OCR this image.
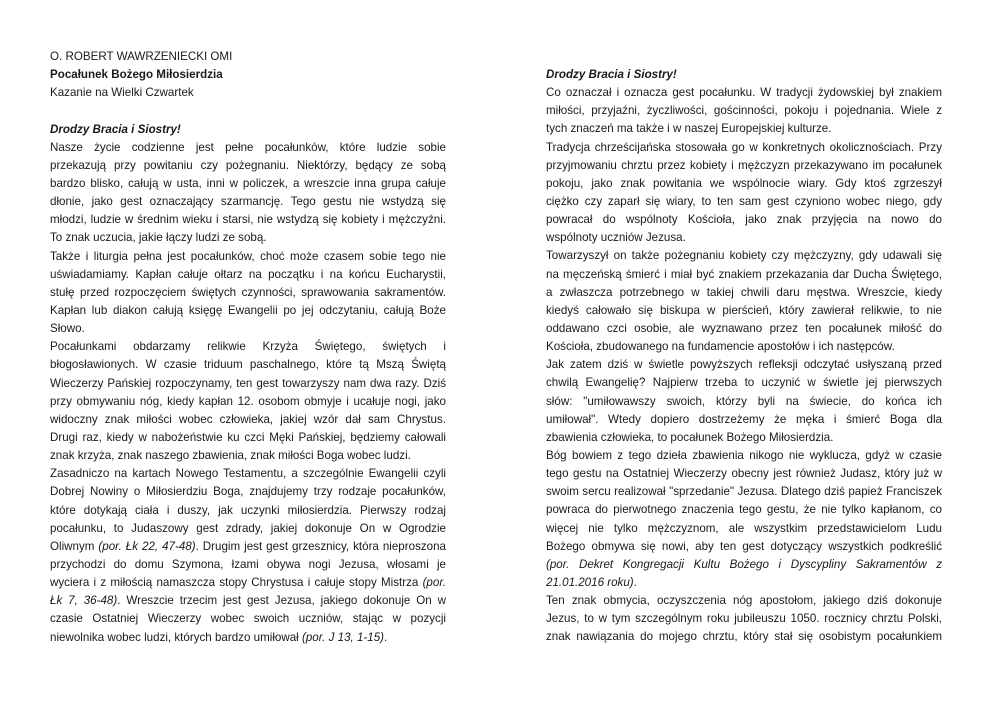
O. ROBERT WAWRZENIECKI OMI
Pocałunek Bożego Miłosierdzia
Kazanie na Wielki Czwartek
Drodzy Bracia i Siostry!
Nasze życie codzienne jest pełne pocałunków, które ludzie sobie
przekazują przy powitaniu czy pożegnaniu. Niektórzy, będący ze sobą
bardzo blisko, całują w usta, inni w policzek, a wreszcie inna grupa całuje
dłonie, jako gest oznaczający szarmancję. Tego gestu nie wstydzą się
młodzi, ludzie w średnim wieku i starsi, nie wstydzą się kobiety i mężczyźni.
To znak uczucia, jakie łączy ludzi ze sobą.
Także i liturgia pełna jest pocałunków, choć może czasem sobie tego nie
uświadamiamy. Kapłan całuje ołtarz na początku i na końcu Eucharystii,
stułę przed rozpoczęciem świętych czynności, sprawowania sakramentów.
Kapłan lub diakon całują księgę Ewangelii po jej odczytaniu, całują Boże
Słowo.
Pocałunkami obdarzamy relikwie Krzyża Świętego, świętych i
błogosławionych. W czasie triduum paschalnego, które tą Mszą Świętą
Wieczerzy Pańskiej rozpoczynamy, ten gest towarzyszy nam dwa razy. Dziś
przy obmywaniu nóg, kiedy kapłan 12. osobom obmyje i ucałuje nogi, jako
widoczny znak miłości wobec człowieka, jakiej wzór dał sam Chrystus.
Drugi raz, kiedy w nabożeństwie ku czci Męki Pańskiej, będziemy całowali
znak krzyża, znak naszego zbawienia, znak miłości Boga wobec ludzi.
Zasadniczo na kartach Nowego Testamentu, a szczególnie Ewangelii czyli
Dobrej Nowiny o Miłosierdziu Boga, znajdujemy trzy rodzaje pocałunków,
które dotykają ciała i duszy, jak uczynki miłosierdzia. Pierwszy rodzaj
pocałunku, to Judaszowy gest zdrady, jakiej dokonuje On w Ogrodzie
Oliwnym (por. Łk 22, 47-48). Drugim jest gest grzesznicy, która nieproszona
przychodzi do domu Szymona, łzami obywa nogi Jezusa, włosami je
wyciera i z miłością namaszcza stopy Chrystusa i całuje stopy Mistrza (por.
Łk 7, 36-48). Wreszcie trzecim jest gest Jezusa, jakiego dokonuje On w
czasie Ostatniej Wieczerzy wobec swoich uczniów, stając w pozycji
niewolnika wobec ludzi, których bardzo umiłował (por. J 13, 1-15).
Drodzy Bracia i Siostry!
Co oznaczał i oznacza gest pocałunku. W tradycji żydowskiej był znakiem
miłości, przyjaźni, życzliwości, gościnności, pokoju i pojednania. Wiele z
tych znaczeń ma także i w naszej Europejskiej kulturze.
Tradycja chrześcijańska stosowała go w konkretnych okolicznościach. Przy
przyjmowaniu chrztu przez kobiety i mężczyzn przekazywano im pocałunek
pokoju, jako znak powitania we wspólnocie wiary. Gdy ktoś zgrzeszył
ciężko czy zaparł się wiary, to ten sam gest czyniono wobec niego, gdy
powracał do wspólnoty Kościoła, jako znak przyjęcia na nowo do
wspólnoty uczniów Jezusa.
Towarzyszył on także pożegnaniu kobiety czy mężczyzny, gdy udawali się
na męczeńską śmierć i miał być znakiem przekazania dar Ducha Świętego,
a zwłaszcza potrzebnego w takiej chwili daru męstwa. Wreszcie, kiedy
kiedyś całowało się biskupa w pierścień, który zawierał relikwie, to nie
oddawano czci osobie, ale wyznawano przez ten pocałunek miłość do
Kościoła, zbudowanego na fundamencie apostołów i ich następców.
Jak zatem dziś w świetle powyższych refleksji odczytać usłyszaną przed
chwilą Ewangelię? Najpierw trzeba to uczynić w świetle jej pierwszych
słów: "umiłowawszy swoich, którzy byli na świecie, do końca ich
umiłował". Wtedy dopiero dostrzeżemy że męka i śmierć Boga dla
zbawienia człowieka, to pocałunek Bożego Miłosierdzia.
Bóg bowiem z tego dzieła zbawienia nikogo nie wyklucza, gdyż w czasie
tego gestu na Ostatniej Wieczerzy obecny jest również Judasz, który już w
swoim sercu realizował "sprzedanie" Jezusa. Dlatego dziś papież Franciszek
powraca do pierwotnego znaczenia tego gestu, że nie tylko kapłanom, co
więcej nie tylko mężczyznom, ale wszystkim przedstawicielom Ludu
Bożego obmywa się nowi, aby ten gest dotyczący wszystkich podkreślić
(por. Dekret Kongregacji Kultu Bożego i Dyscypliny Sakramentów z
21.01.2016 roku).
Ten znak obmycia, oczyszczenia nóg apostołom, jakiego dziś dokonuje
Jezus, to w tym szczególnym roku jubileuszu 1050. rocznicy chrztu Polski,
znak nawiązania do mojego chrztu, który stał się osobistym pocałunkiem
